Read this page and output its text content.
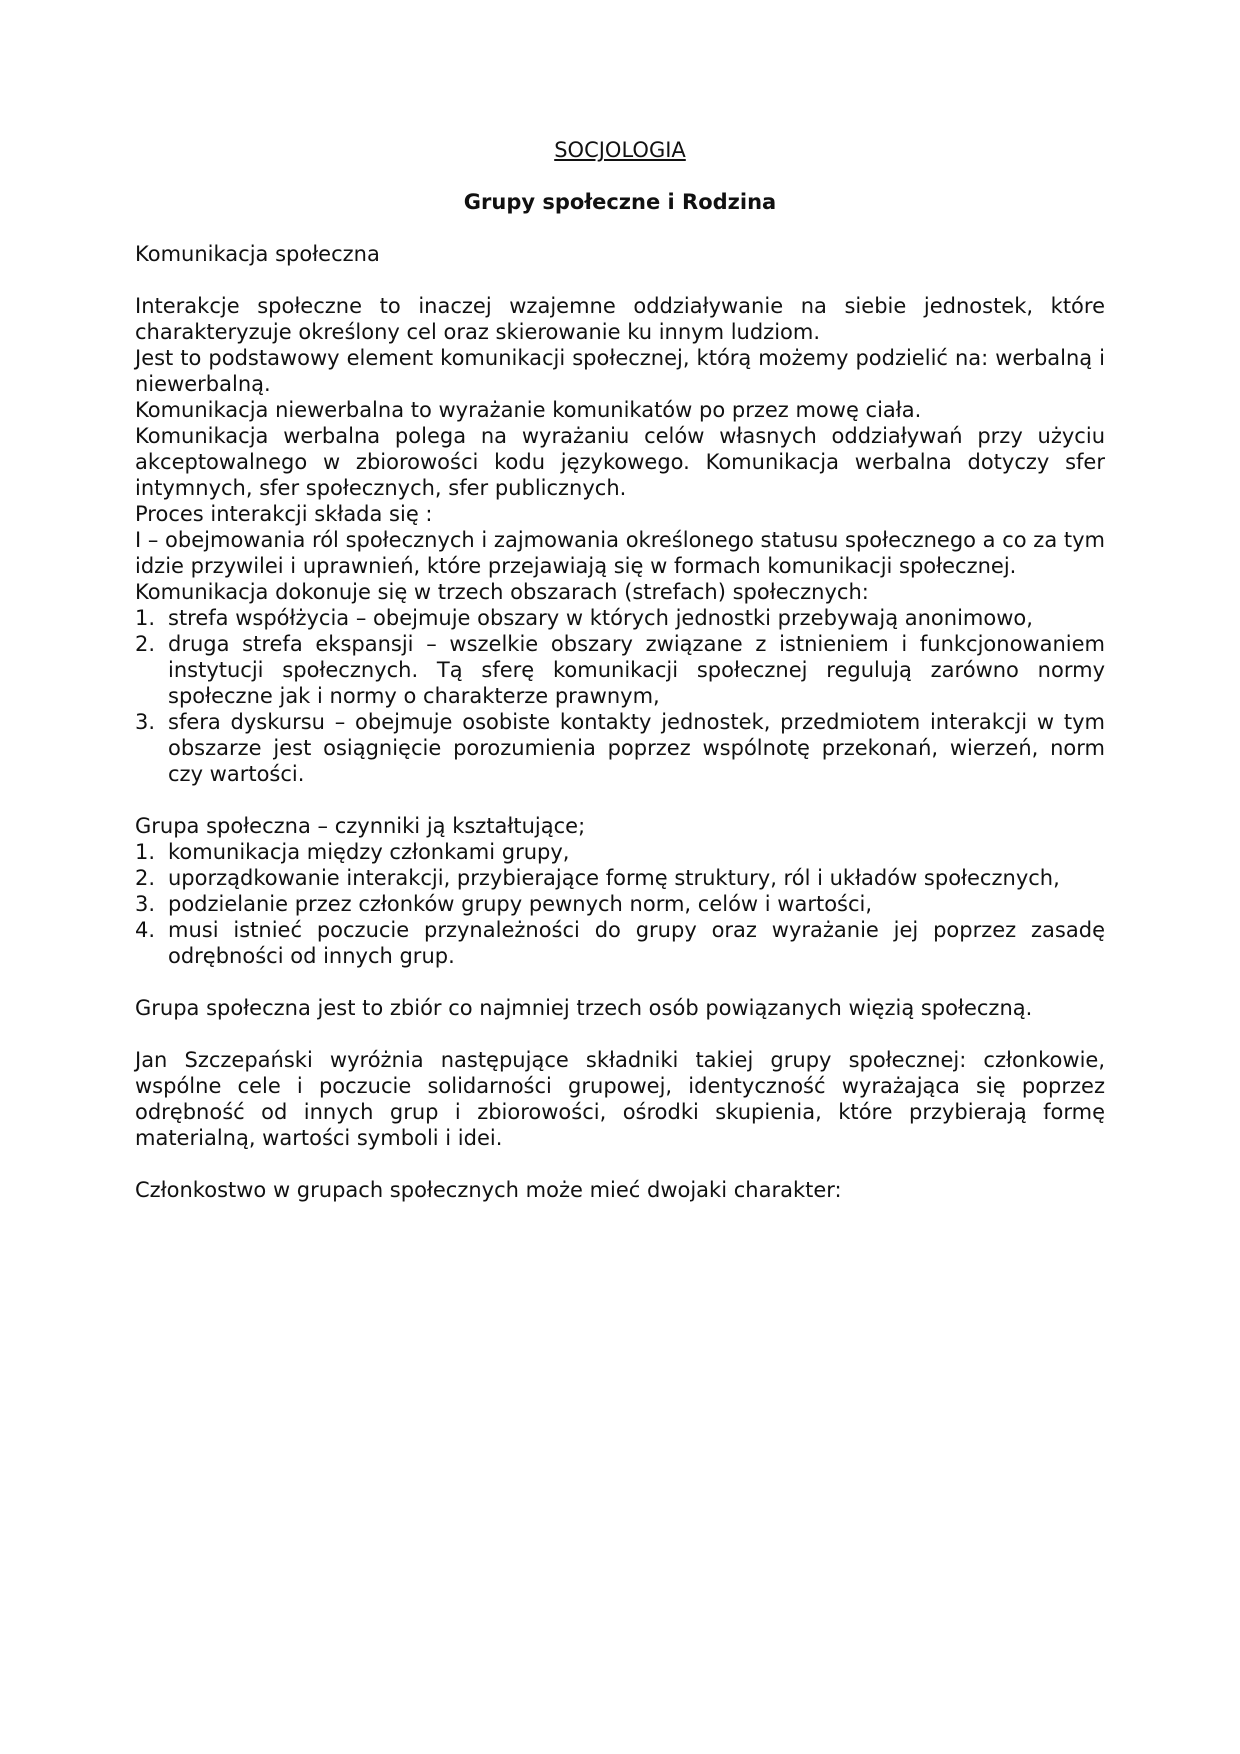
SOCJOLOGIA
Grupy społeczne i Rodzina

Komunikacja społeczna

Interakcje społeczne to inaczej wzajemne oddziaływanie na siebie jednostek, które charakteryzuje określony cel oraz skierowanie ku innym ludziom.

Jest to podstawowy element komunikacji społecznej, którą możemy podzielić na: werbalną i niewerbalną.

Komunikacja niewerbalna to wyrażanie komunikatów po przez mowę ciała.

Komunikacja werbalna polega na wyrażaniu celów własnych oddziaływań przy użyciu akceptowalnego w zbiorowości kodu językowego. Komunikacja werbalna dotyczy sfer intymnych, sfer społecznych, sfer publicznych.

Proces interakcji składa się :

I – obejmowania ról społecznych i zajmowania określonego statusu społecznego a co za tym idzie przywilei i uprawnień, które przejawiają się w formach komunikacji społecznej.

Komunikacja dokonuje się w trzech obszarach (strefach) społecznych:

1. strefa współżycia – obejmuje obszary w których jednostki przebywają anonimowo,
2. druga strefa ekspansji – wszelkie obszary związane z istnieniem i funkcjonowaniem instytucji społecznych. Tą sferę komunikacji społecznej regulują zarówno normy społeczne jak i normy o charakterze prawnym,
3. sfera dyskursu – obejmuje osobiste kontakty jednostek, przedmiotem interakcji w tym obszarze jest osiągnięcie porozumienia poprzez wspólnotę przekonań, wierzeń, norm czy wartości.

Grupa społeczna – czynniki ją kształtujące;

1. komunikacja między członkami grupy,
2. uporządkowanie interakcji, przybierające formę struktury, ról i układów społecznych,
3. podzielanie przez członków grupy pewnych norm, celów i wartości,
4. musi istnieć poczucie przynależności do grupy oraz wyrażanie jej poprzez zasadę odrębności od innych grup.

Grupa społeczna jest to zbiór co najmniej trzech osób powiązanych więzią społeczną.

Jan Szczepański wyróżnia następujące składniki takiej grupy społecznej: członkowie, wspólne cele i poczucie solidarności grupowej, identyczność wyrażająca się poprzez odrębność od innych grup i zbiorowości, ośrodki skupienia, które przybierają formę materialną, wartości symboli i idei.

Członkostwo w grupach społecznych może mieć dwojaki charakter:
